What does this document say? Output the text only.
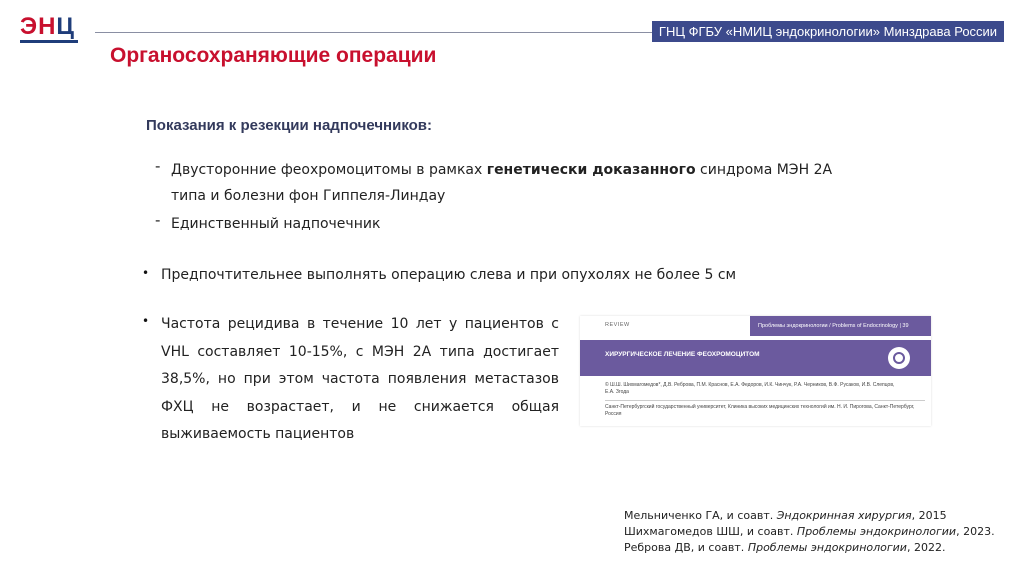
ЭНЦ	ГНЦ ФГБУ «НМИЦ эндокринологии» Минздрава России
Органосохраняющие операции
Показания к резекции надпочечников:
- Двусторонние феохромоцитомы в рамках генетически доказанного синдрома МЭН 2А
типа и болезни фон Гиппеля-Линдау
- Единственный надпочечник
• Предпочтительнее выполнять операцию слева и при опухолях не более 5 см
• Частота рецидива в течение 10 лет у пациентов с VHL составляет 10-15%, с МЭН 2А типа достигает 38,5%, но при этом частота появления метастазов ФХЦ не возрастает, и не снижается общая выживаемость пациентов
REVIEW	Проблемы эндокринологии / Problems of Endocrinology | 39
ХИРУРГИЧЕСКОЕ ЛЕЧЕНИЕ ФЕОХРОМОЦИТОМ
© Ш.Ш. Шихмагомедов*, Д.В. Реброва, П.М. Краснов, Е.А. Федоров, И.К. Чинчук, Р.А. Черников, В.Ф. Русаков, И.В. Слепцов, Е.А. Згода
Санкт-Петербургский государственный университет, Клиника высоких медицинских технологий им. Н. И. Пирогова, Санкт-Петербург, Россия
Мельниченко ГА, и соавт. Эндокринная хирургия, 2015
Шихмагомедов ШШ, и соавт. Проблемы эндокринологии, 2023.
Реброва ДВ, и соавт. Проблемы эндокринологии, 2022.
